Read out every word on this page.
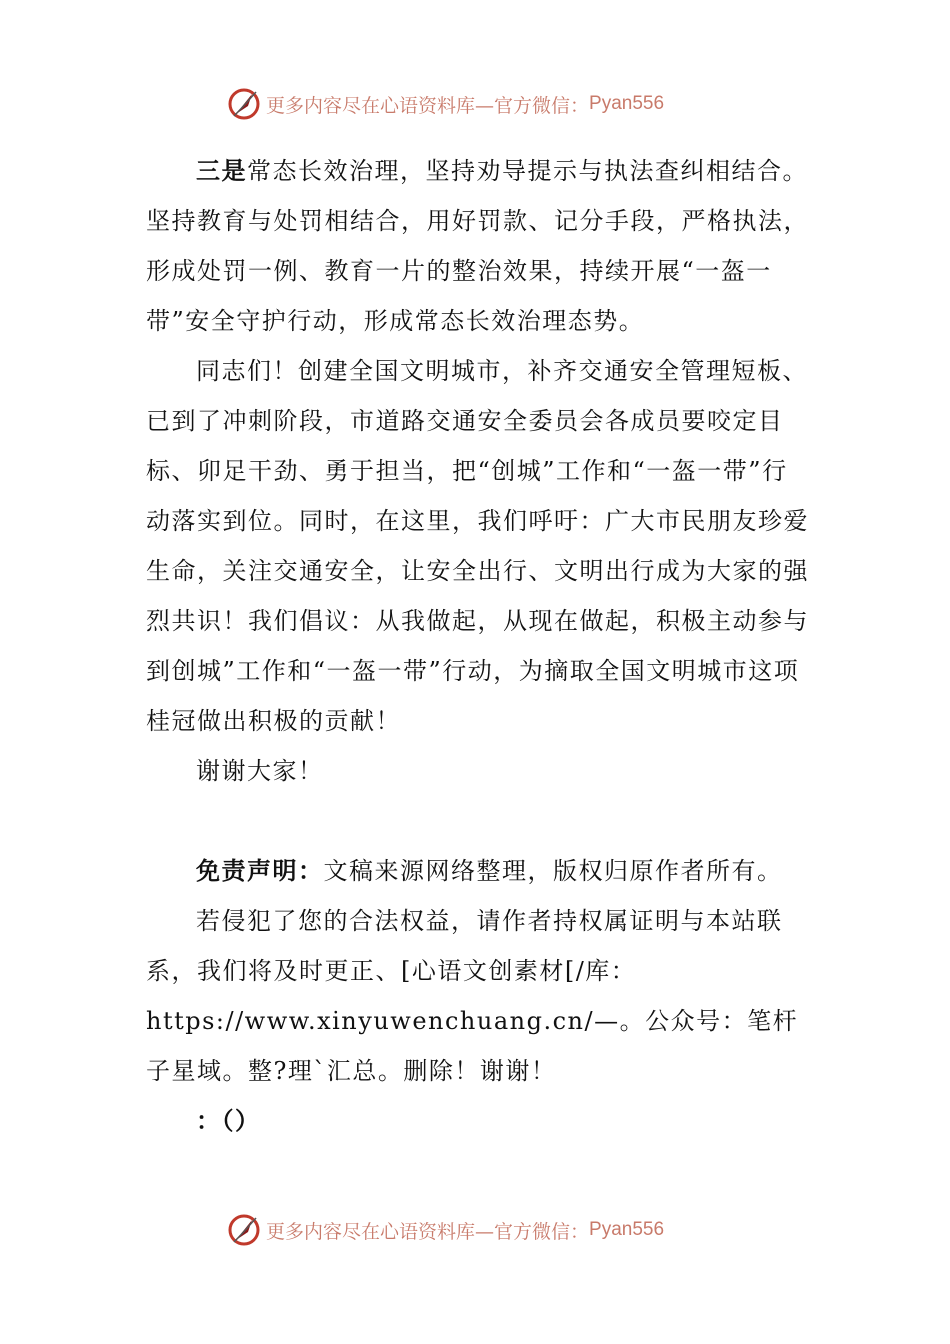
更多内容尽在心语资料库—官方微信： Pyan556

三是常态长效治理，坚持劝导提示与执法查纠相结合。坚持教育与处罚相结合，用好罚款、记分手段，严格执法，形成处罚一例、教育一片的整治效果，持续开展“一盔一带”安全守护行动，形成常态长效治理态势。

同志们！创建全国文明城市，补齐交通安全管理短板、已到了冲刺阶段，市道路交通安全委员会各成员要咬定目标、卯足干劲、勇于担当，把“创城”工作和“一盔一带”行动落实到位。同时，在这里，我们呼吁：广大市民朋友珍爱生命，关注交通安全，让安全出行、文明出行成为大家的强烈共识！我们倡议：从我做起，从现在做起，积极主动参与到创城”工作和“一盔一带”行动，为摘取全国文明城市这项桂冠做出积极的贡献！

谢谢大家！

免责声明：文稿来源网络整理，版权归原作者所有。

若侵犯了您的合法权益，请作者持权属证明与本站联系，我们将及时更正、[心语文创素材[/库：https://www.xinyuwenchuang.cn/—。公众号：笔杆子星域。整?理`汇总。删除！谢谢！

：（）

更多内容尽在心语资料库—官方微信： Pyan556
